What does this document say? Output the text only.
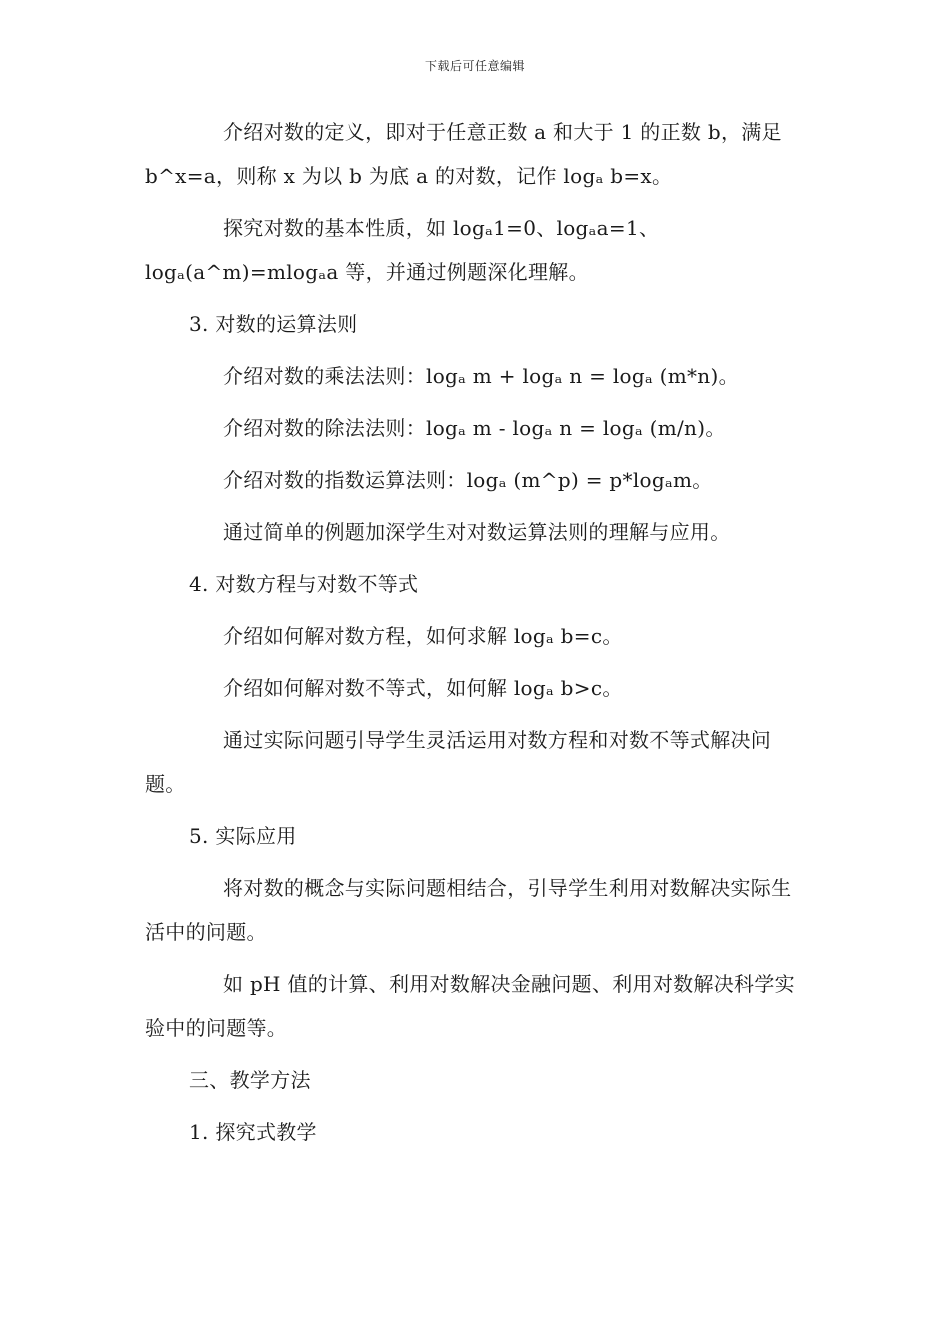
下载后可任意编辑

介绍对数的定义，即对于任意正数 a 和大于 1 的正数 b，满足 b^x=a，则称 x 为以 b 为底 a 的对数，记作 logₐ b=x。

探究对数的基本性质，如 logₐ1=0、logₐa=1、logₐ(a^m)=mlogₐa 等，并通过例题深化理解。

3. 对数的运算法则

介绍对数的乘法法则：logₐ m + logₐ n = logₐ (m*n)。

介绍对数的除法法则：logₐ m - logₐ n = logₐ (m/n)。

介绍对数的指数运算法则：logₐ (m^p) = p*logₐm。

通过简单的例题加深学生对对数运算法则的理解与应用。

4. 对数方程与对数不等式

介绍如何解对数方程，如何求解 logₐ b=c。

介绍如何解对数不等式，如何解 logₐ b>c。

通过实际问题引导学生灵活运用对数方程和对数不等式解决问题。

5. 实际应用

将对数的概念与实际问题相结合，引导学生利用对数解决实际生活中的问题。

如 pH 值的计算、利用对数解决金融问题、利用对数解决科学实验中的问题等。

三、教学方法

1. 探究式教学
